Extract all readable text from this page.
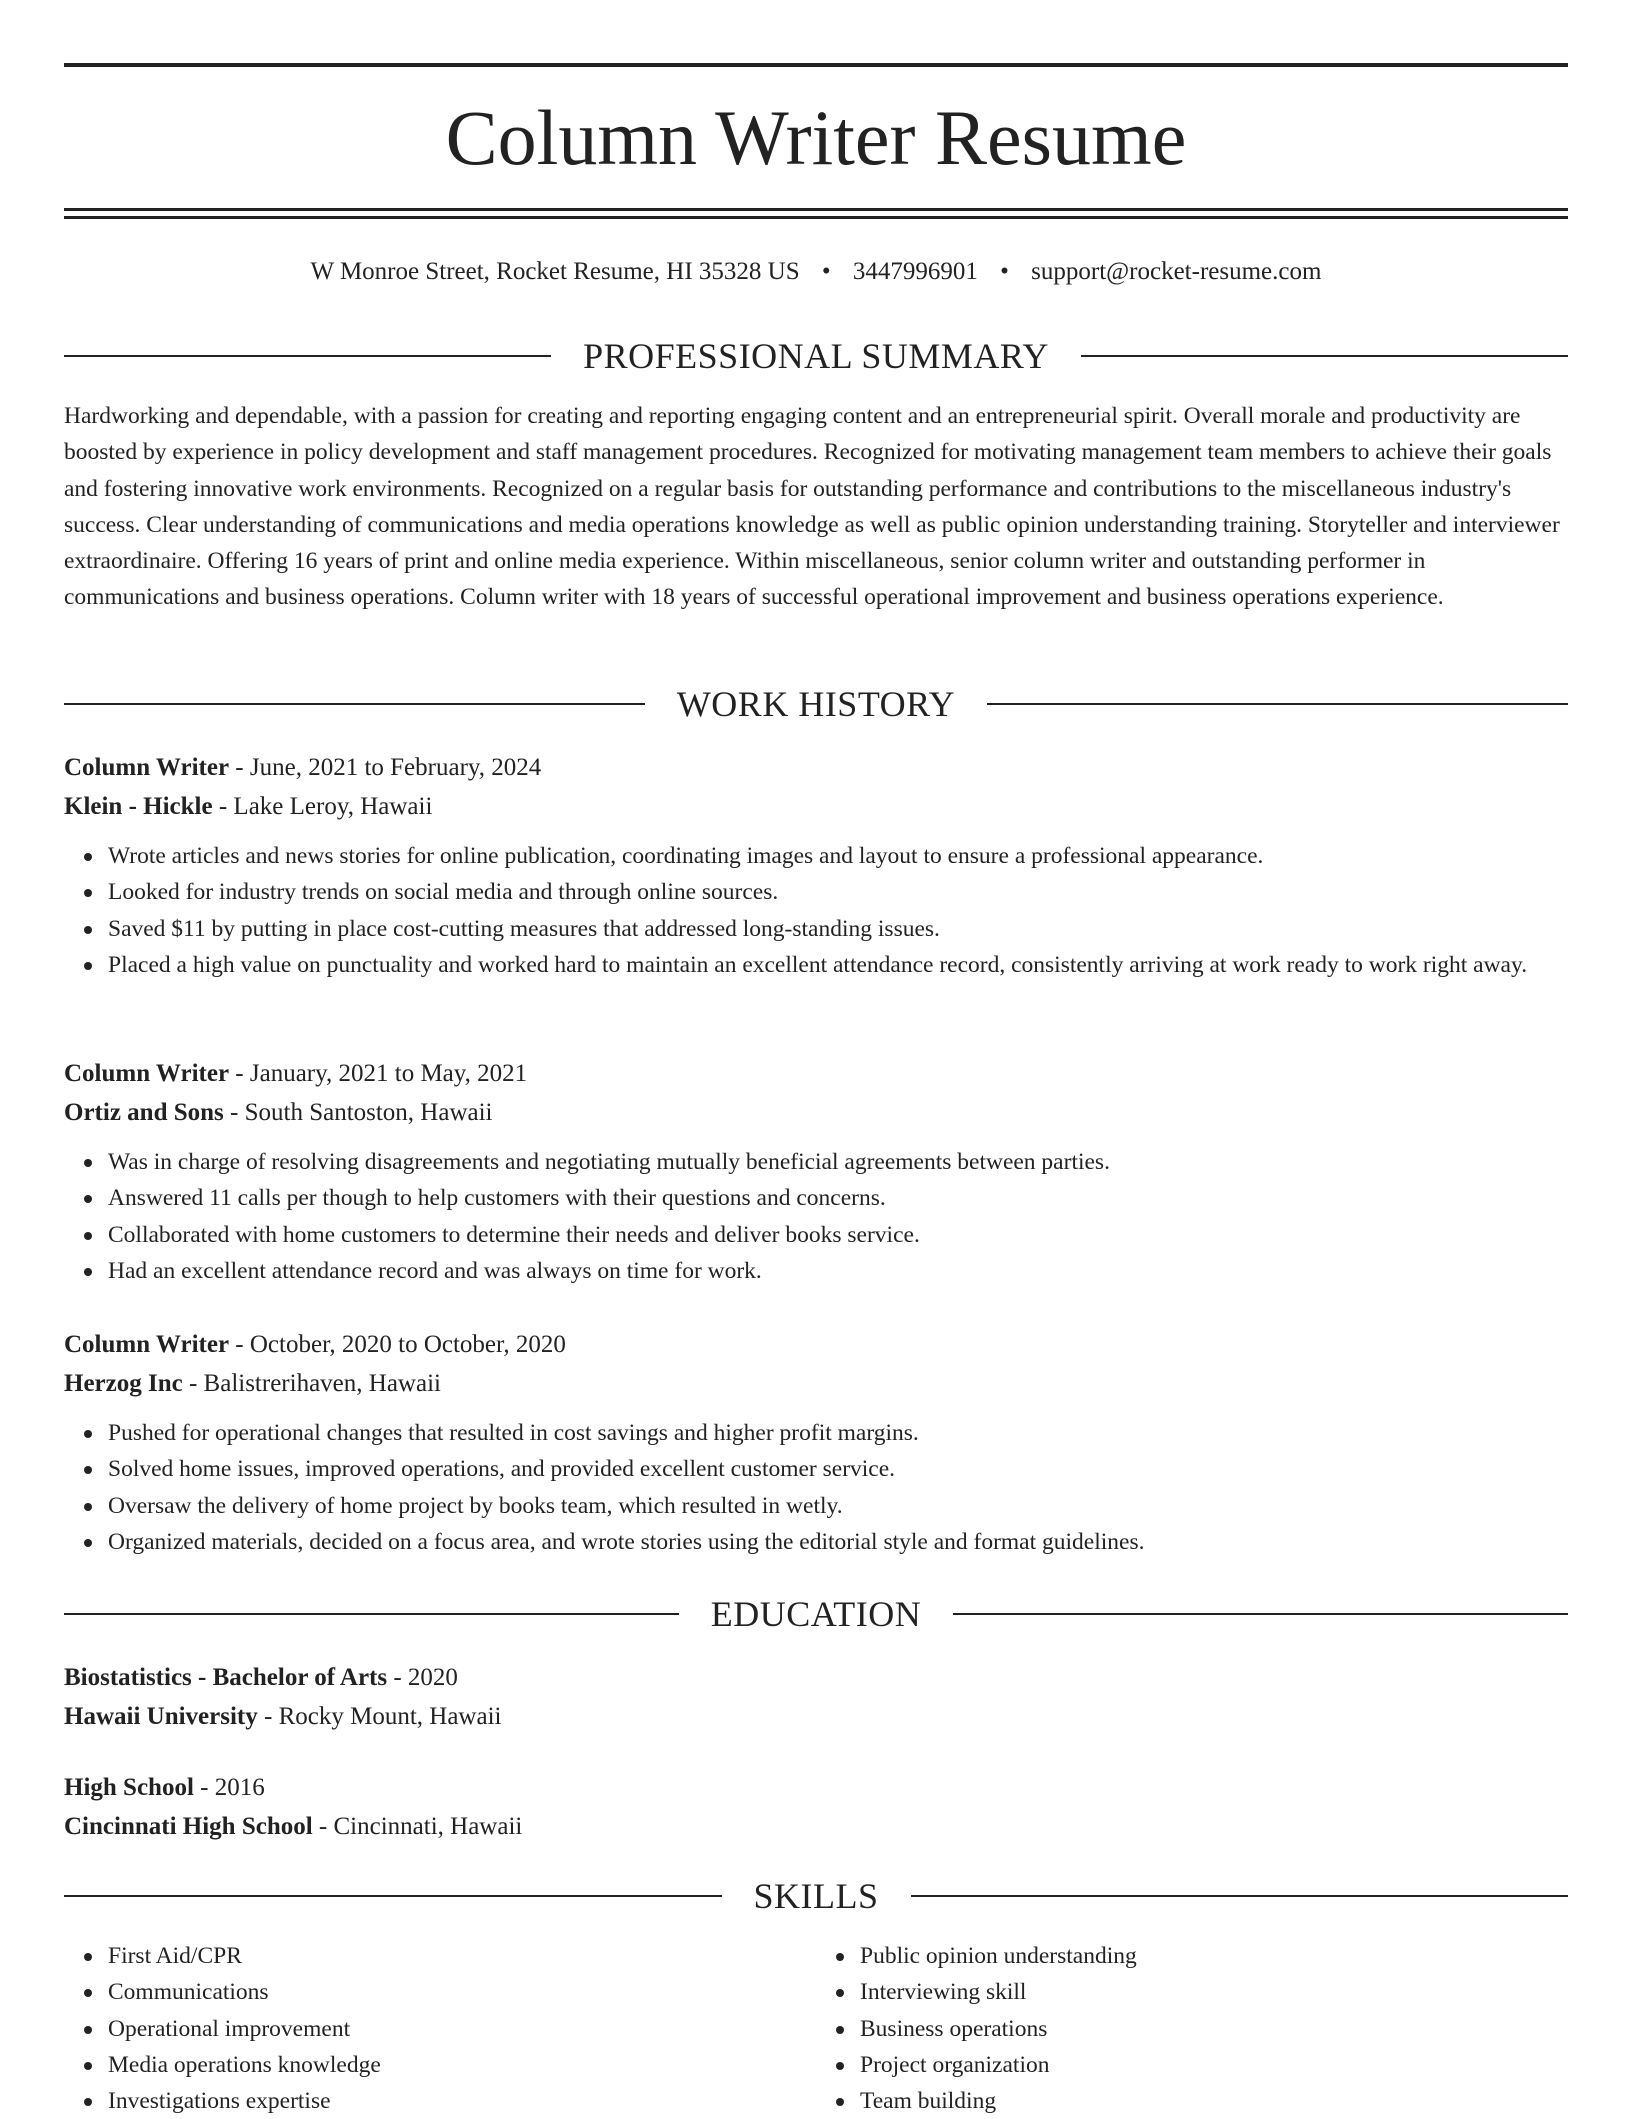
Column Writer Resume
W Monroe Street, Rocket Resume, HI 35328 US • 3447996901 • support@rocket-resume.com
PROFESSIONAL SUMMARY

Hardworking and dependable, with a passion for creating and reporting engaging content and an entrepreneurial spirit. Overall morale and productivity are boosted by experience in policy development and staff management procedures. Recognized for motivating management team members to achieve their goals and fostering innovative work environments. Recognized on a regular basis for outstanding performance and contributions to the miscellaneous industry's success. Clear understanding of communications and media operations knowledge as well as public opinion understanding training. Storyteller and interviewer extraordinaire. Offering 16 years of print and online media experience. Within miscellaneous, senior column writer and outstanding performer in communications and business operations. Column writer with 18 years of successful operational improvement and business operations experience.

WORK HISTORY
Column Writer - June, 2021 to February, 2024
Klein - Hickle - Lake Leroy, Hawaii
Wrote articles and news stories for online publication, coordinating images and layout to ensure a professional appearance.
Looked for industry trends on social media and through online sources.
Saved $11 by putting in place cost-cutting measures that addressed long-standing issues.
Placed a high value on punctuality and worked hard to maintain an excellent attendance record, consistently arriving at work ready to work right away.
Column Writer - January, 2021 to May, 2021
Ortiz and Sons - South Santoston, Hawaii
Was in charge of resolving disagreements and negotiating mutually beneficial agreements between parties.
Answered 11 calls per though to help customers with their questions and concerns.
Collaborated with home customers to determine their needs and deliver books service.
Had an excellent attendance record and was always on time for work.
Column Writer - October, 2020 to October, 2020
Herzog Inc - Balistrerihaven, Hawaii
Pushed for operational changes that resulted in cost savings and higher profit margins.
Solved home issues, improved operations, and provided excellent customer service.
Oversaw the delivery of home project by books team, which resulted in wetly.
Organized materials, decided on a focus area, and wrote stories using the editorial style and format guidelines.
EDUCATION
Biostatistics - Bachelor of Arts - 2020
Hawaii University - Rocky Mount, Hawaii
High School - 2016
Cincinnati High School - Cincinnati, Hawaii
SKILLS
First Aid/CPR
Communications
Operational improvement
Media operations knowledge
Investigations expertise
Public opinion understanding
Interviewing skill
Business operations
Project organization
Team building
